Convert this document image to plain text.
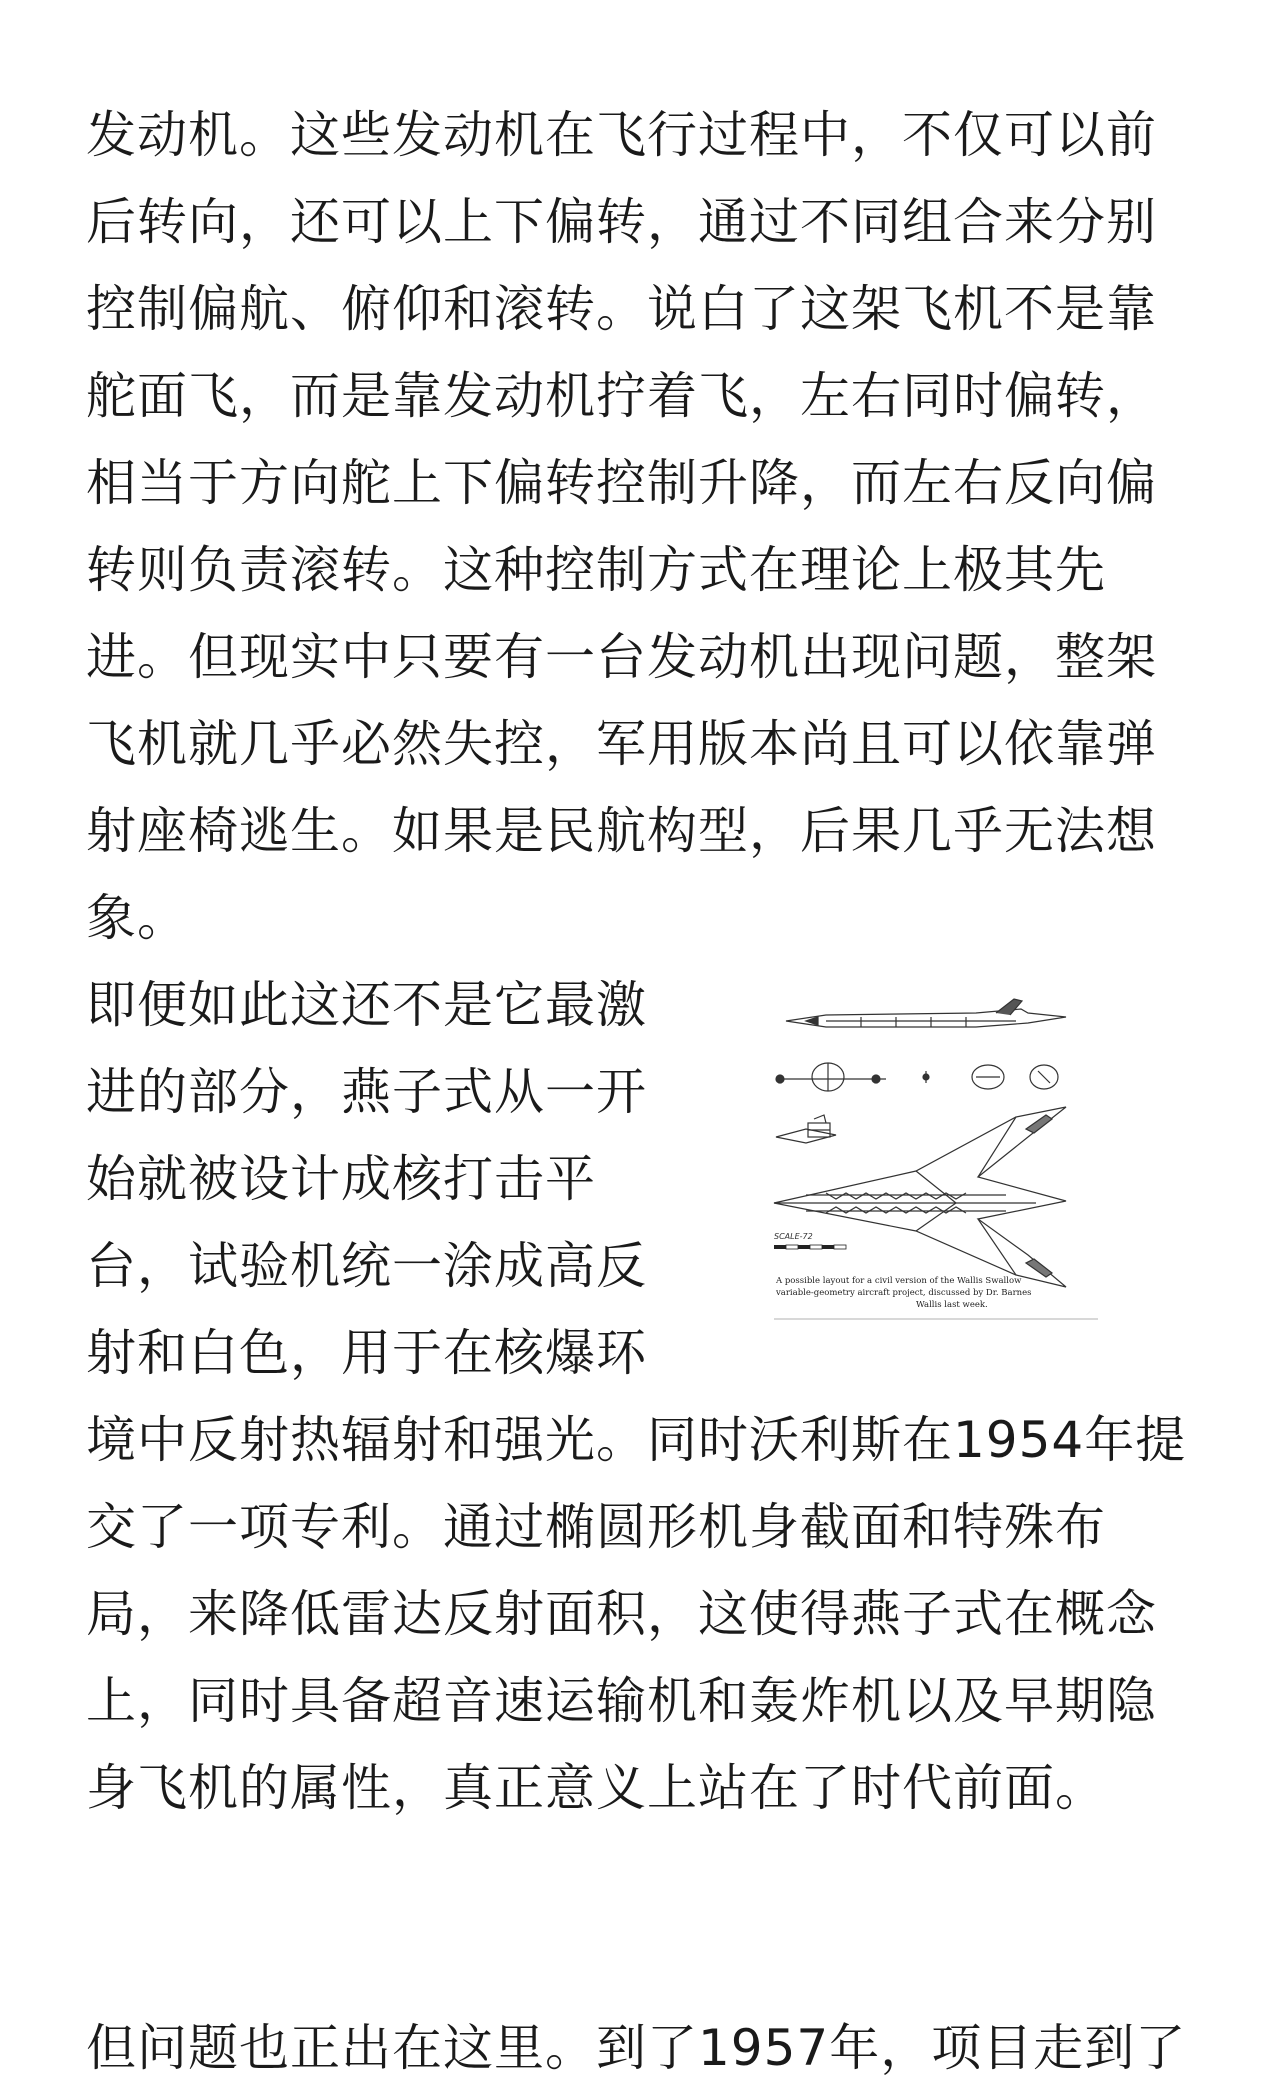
发动机。这些发动机在飞行过程中，不仅可以前后转向，还可以上下偏转，通过不同组合来分别控制偏航、俯仰和滚转。说白了这架飞机不是靠舵面飞，而是靠发动机拧着飞，左右同时偏转，相当于方向舵上下偏转控制升降，而左右反向偏转则负责滚转。这种控制方式在理论上极其先进。但现实中只要有一台发动机出现问题，整架飞机就几乎必然失控，军用版本尚且可以依靠弹射座椅逃生。如果是民航构型，后果几乎无法想象。

SCALE-72
A possible layout for a civil version of the Wallis Swallow
variable-geometry aircraft project, discussed by Dr. Barnes
Wallis last week.

即便如此这还不是它最激进的部分，燕子式从一开始就被设计成核打击平台，试验机统一涂成高反射和白色，用于在核爆环境中反射热辐射和强光。同时沃利斯在1954年提交了一项专利。通过椭圆形机身截面和特殊布局，来降低雷达反射面积，这使得燕子式在概念上，同时具备超音速运输机和轰炸机以及早期隐身飞机的属性，真正意义上站在了时代前面。

但问题也正出在这里。到了1957年，项目走到了
